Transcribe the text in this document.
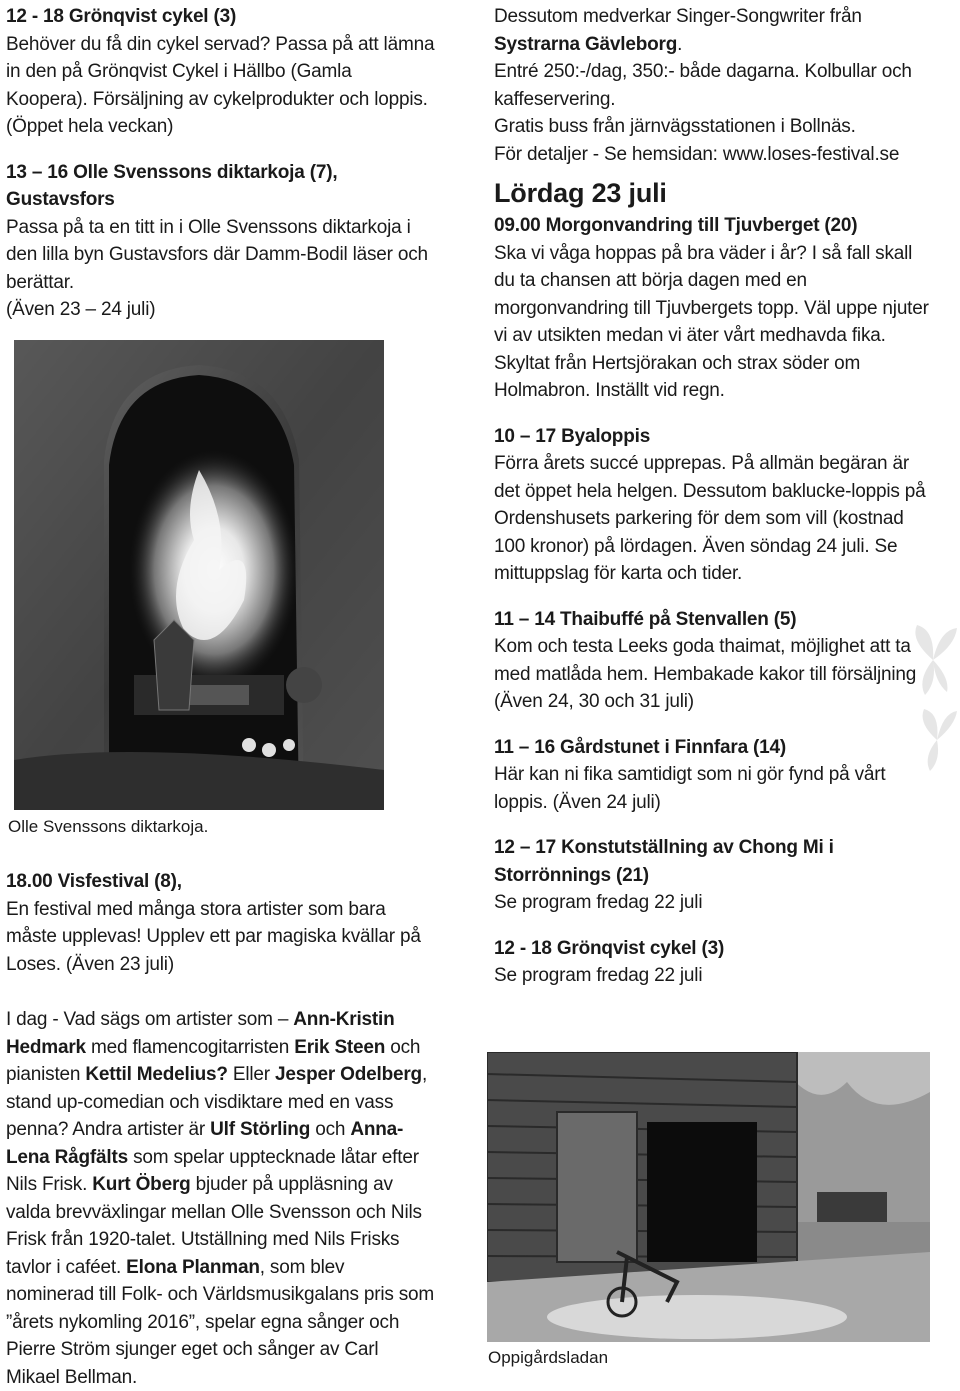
12 - 18 Grönqvist cykel (3)

Behöver du få din cykel servad? Passa på att lämna in den på Grönqvist Cykel i Hällbo (Gamla Koopera). Försäljning av cykelprodukter och loppis.

(Öppet hela veckan)

13 – 16 Olle Svenssons diktarkoja (7), Gustavsfors

Passa på ta en titt in i Olle Svenssons diktarkoja i den lilla byn Gustavsfors där Damm-Bodil läser och berättar.

(Även 23 – 24 juli)

Olle Svenssons diktarkoja.

18.00 Visfestival (8),

En festival med många stora artister som bara måste upplevas! Upplev ett par magiska kvällar på Loses. (Även 23 juli)

I dag - Vad sägs om artister som – Ann-Kristin Hedmark med flamencogitarristen Erik Steen och pianisten Kettil Medelius? Eller Jesper Odelberg, stand up-comedian och visdiktare med en vass penna? Andra artister är Ulf Störling och Anna-Lena Rågfälts som spelar upptecknade låtar efter Nils Frisk. Kurt Öberg bjuder på uppläsning av valda brevväxlingar mellan Olle Svensson och Nils Frisk från 1920-talet. Utställning med Nils Frisks tavlor i caféet. Elona Planman, som blev nominerad till Folk- och Världsmusikgalans pris som ”årets nykomling 2016”, spelar egna sånger och Pierre Ström sjunger eget och sånger av Carl Mikael Bellman.

Dessutom medverkar Singer-Songwriter från Systrarna Gävleborg.

Entré 250:-/dag, 350:- både dagarna. Kolbullar och kaffeservering.

Gratis buss från järnvägsstationen i Bollnäs.

För detaljer - Se hemsidan: www.loses-festival.se

Lördag 23 juli

09.00 Morgonvandring till Tjuvberget (20)

Ska vi våga hoppas på bra väder i år? I så fall skall du ta chansen att börja dagen med en morgonvandring till Tjuvbergets topp. Väl uppe njuter vi av utsikten medan vi äter vårt medhavda fika. Skyltat från Hertsjörakan och strax söder om Holmabron. Inställt vid regn.

10 – 17 Byaloppis

Förra årets succé upprepas. På allmän begäran är det öppet hela helgen. Dessutom baklucke-loppis på Ordenshusets parkering för dem som vill (kostnad 100 kronor) på lördagen. Även söndag 24 juli. Se mittuppslag för karta och tider.

11 – 14 Thaibuffé på Stenvallen (5)

Kom och testa Leeks goda thaimat, möjlighet att ta med matlåda hem. Hembakade kakor till försäljning (Även 24, 30 och 31 juli)

11 – 16 Gårdstunet i Finnfara (14)

Här kan ni fika samtidigt som ni gör fynd på vårt loppis. (Även 24 juli)

12 – 17 Konstutställning av Chong Mi i Storrönnings (21)

Se program fredag 22 juli

12 - 18 Grönqvist cykel (3)

Se program fredag 22 juli

Oppigårdsladan
